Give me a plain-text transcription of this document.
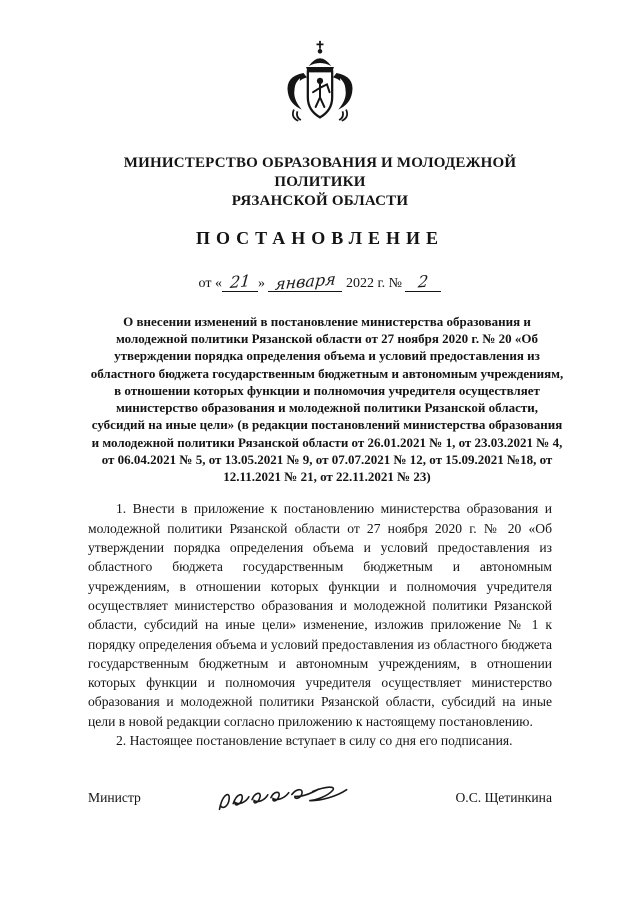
МИНИСТЕРСТВО ОБРАЗОВАНИЯ И МОЛОДЕЖНОЙ ПОЛИТИКИ
РЯЗАНСКОЙ ОБЛАСТИ
ПОСТАНОВЛЕНИЕ
от « 21 » января 2022 г. № 2
О внесении изменений в постановление министерства образования и молодежной политики Рязанской области от 27 ноября 2020 г. № 20 «Об утверждении порядка определения объема и условий предоставления из областного бюджета государственным бюджетным и автономным учреждениям, в отношении которых функции и полномочия учредителя осуществляет министерство образования и молодежной политики Рязанской области, субсидий на иные цели» (в редакции постановлений министерства образования и молодежной политики Рязанской области от 26.01.2021 № 1, от 23.03.2021 № 4, от 06.04.2021 № 5, от 13.05.2021 № 9, от 07.07.2021 № 12, от 15.09.2021 №18, от 12.11.2021 № 21, от 22.11.2021 № 23)

1. Внести в приложение к постановлению министерства образования и молодежной политики Рязанской области от 27 ноября 2020 г. № 20 «Об утверждении порядка определения объема и условий предоставления из областного бюджета государственным бюджетным и автономным учреждениям, в отношении которых функции и полномочия учредителя осуществляет министерство образования и молодежной политики Рязанской области, субсидий на иные цели» изменение, изложив приложение № 1 к порядку определения объема и условий предоставления из областного бюджета государственным бюджетным и автономным учреждениям, в отношении которых функции и полномочия учредителя осуществляет министерство образования и молодежной политики Рязанской области, субсидий на иные цели в новой редакции согласно приложению к настоящему постановлению.

2. Настоящее постановление вступает в силу со дня его подписания.

Министр	О.С. Щетинкина
